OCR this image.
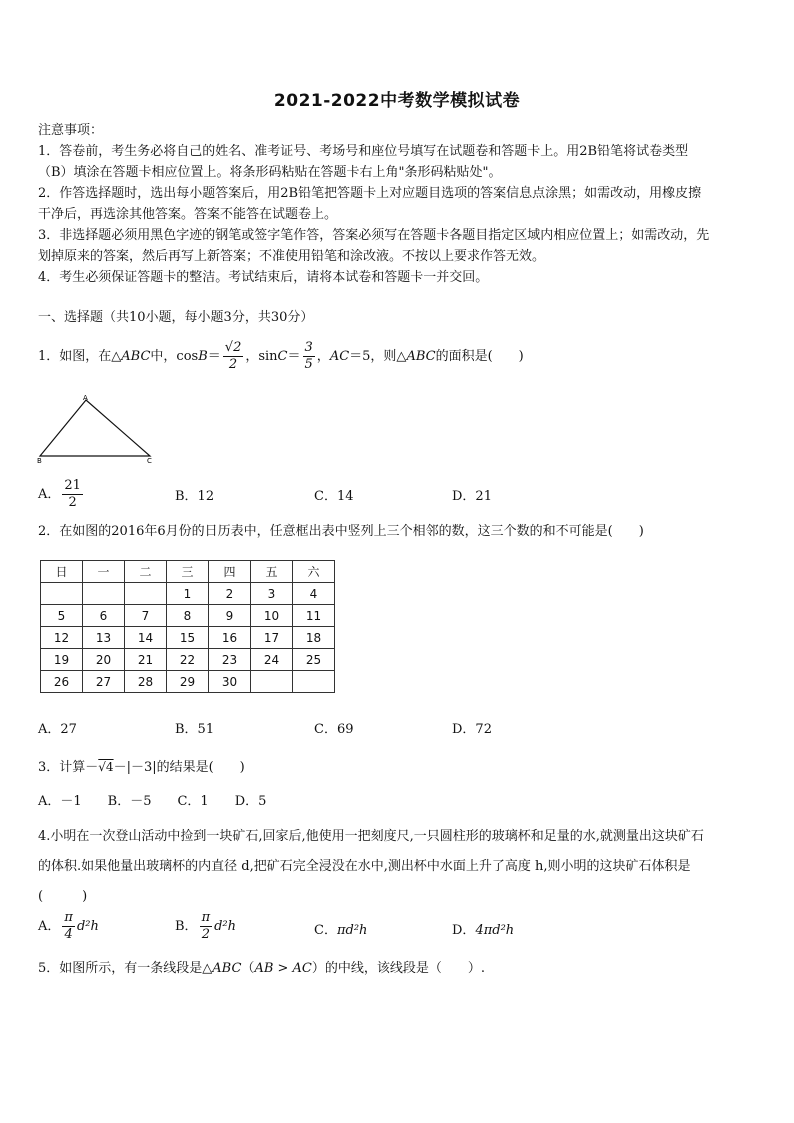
2021-2022中考数学模拟试卷
注意事项：
1．答卷前，考生务必将自己的姓名、准考证号、考场号和座位号填写在试题卷和答题卡上。用2B铅笔将试卷类型
（B）填涂在答题卡相应位置上。将条形码粘贴在答题卡右上角"条形码粘贴处"。
2．作答选择题时，选出每小题答案后，用2B铅笔把答题卡上对应题目选项的答案信息点涂黑；如需改动，用橡皮擦
干净后，再选涂其他答案。答案不能答在试题卷上。
3．非选择题必须用黑色字迹的钢笔或签字笔作答，答案必须写在答题卡各题目指定区域内相应位置上；如需改动，先
划掉原来的答案，然后再写上新答案；不准使用铅笔和涂改液。不按以上要求作答无效。
4．考生必须保证答题卡的整洁。考试结束后，请将本试卷和答题卡一并交回。
一、选择题（共10小题，每小题3分，共30分）
1．如图，在△ABC中，$\cos B= \frac{√2}{2}$ ，$\sin C= \frac{3}{5}$ ，AC＝5，则△ABC的面积是(　　)
A
B	C
A． $\frac{21}{2}$	B．12	C．14	D．21
2．在如图的2016年6月份的日历表中，任意框出表中竖列上三个相邻的数，这三个数的和不可能是(　　)
日	一	二	三	四	五	六
			1	2	3	4
5	6	7	8	9	10	11
12	13	14	15	16	17	18
19	20	21	22	23	24	25
26	27	28	29	30		
A．27	B．51	C．69	D．72
3．计算－√4－|－3|的结果是(　　)
A．－1　　B．－5　　C．1　　D．5
4.小明在一次登山活动中捡到一块矿石,回家后,他使用一把刻度尺,一只圆柱形的玻璃杯和足量的水,就测量出这块矿石
的体积.如果他量出玻璃杯的内直径 d,把矿石完全浸没在水中,测出杯中水面上升了高度 h,则小明的这块矿石体积是
(　　　)
A． $\frac{\pi}{4} d^2h$	B． $\frac{\pi}{2} d^2h$	C．πd²h	D．4πd²h
5．如图所示，有一条线段是△ABC（AB > AC）的中线，该线段是（　　）.
